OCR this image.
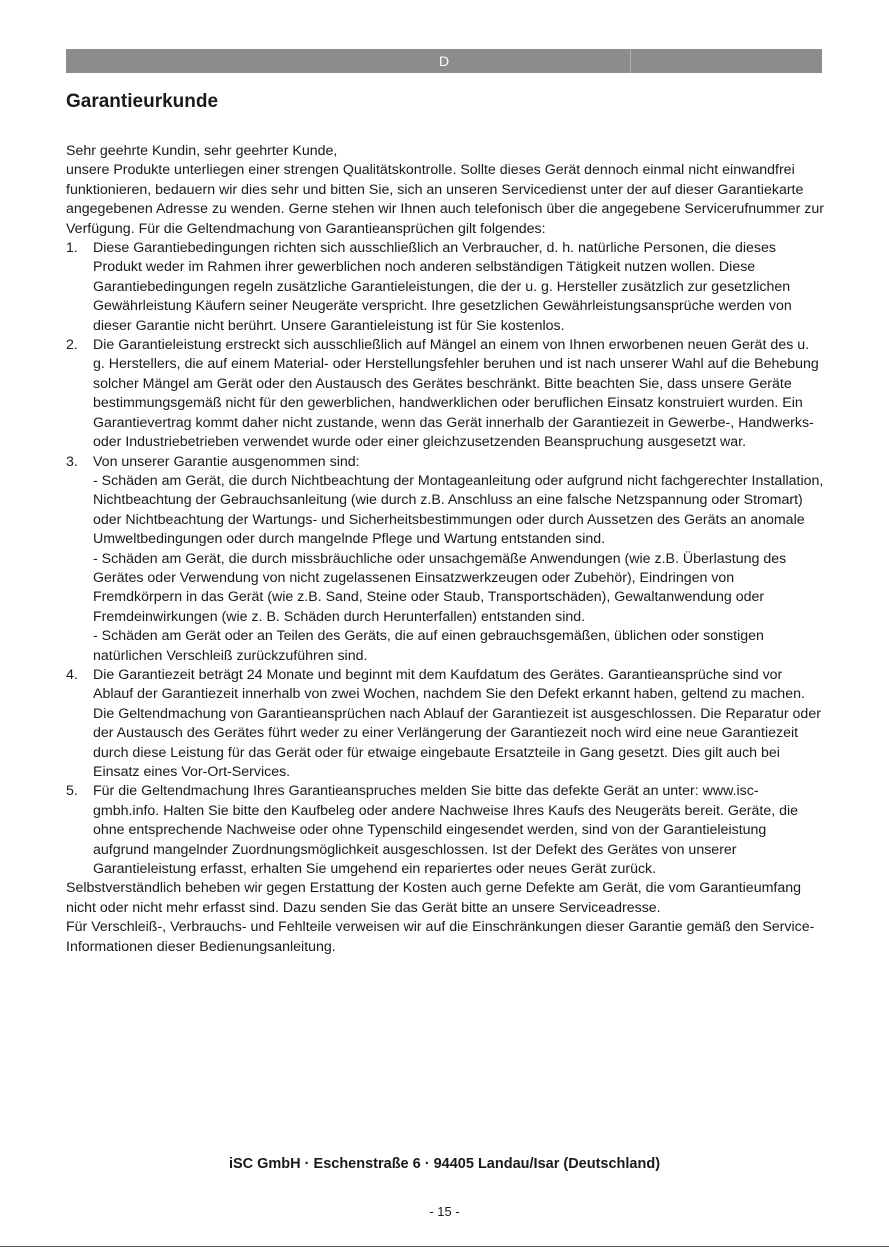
D
Garantieurkunde

Sehr geehrte Kundin, sehr geehrter Kunde,

unsere Produkte unterliegen einer strengen Qualitätskontrolle. Sollte dieses Gerät dennoch einmal nicht einwandfrei funktionieren, bedauern wir dies sehr und bitten Sie, sich an unseren Servicedienst unter der auf dieser Garantiekarte angegebenen Adresse zu wenden. Gerne stehen wir Ihnen auch telefonisch über die angegebene Servicerufnummer zur Verfügung. Für die Geltendmachung von Garantieansprüchen gilt folgendes:

1. Diese Garantiebedingungen richten sich ausschließlich an Verbraucher, d. h. natürliche Personen, die dieses Produkt weder im Rahmen ihrer gewerblichen noch anderen selbständigen Tätigkeit nutzen wollen. Diese Garantiebedingungen regeln zusätzliche Garantieleistungen, die der u. g. Hersteller zusätzlich zur gesetzlichen Gewährleistung Käufern seiner Neugeräte verspricht. Ihre gesetzlichen Gewährleistungsansprüche werden von dieser Garantie nicht berührt. Unsere Garantieleistung ist für Sie kostenlos.
2. Die Garantieleistung erstreckt sich ausschließlich auf Mängel an einem von Ihnen erworbenen neuen Gerät des u. g. Herstellers, die auf einem Material- oder Herstellungsfehler beruhen und ist nach unserer Wahl auf die Behebung solcher Mängel am Gerät oder den Austausch des Gerätes beschränkt. Bitte beachten Sie, dass unsere Geräte bestimmungsgemäß nicht für den gewerblichen, handwerklichen oder beruflichen Einsatz konstruiert wurden. Ein Garantievertrag kommt daher nicht zustande, wenn das Gerät innerhalb der Garantiezeit in Gewerbe-, Handwerks- oder Industriebetrieben verwendet wurde oder einer gleichzusetzenden Beanspruchung ausgesetzt war.
3. Von unserer Garantie ausgenommen sind:
- Schäden am Gerät, die durch Nichtbeachtung der Montageanleitung oder aufgrund nicht fachgerechter Installation, Nichtbeachtung der Gebrauchsanleitung (wie durch z.B. Anschluss an eine falsche Netzspannung oder Stromart) oder Nichtbeachtung der Wartungs- und Sicherheitsbestimmungen oder durch Aussetzen des Geräts an anomale Umweltbedingungen oder durch mangelnde Pflege und Wartung entstanden sind.
- Schäden am Gerät, die durch missbräuchliche oder unsachgemäße Anwendungen (wie z.B. Überlastung des Gerätes oder Verwendung von nicht zugelassenen Einsatzwerkzeugen oder Zubehör), Eindringen von Fremdkörpern in das Gerät (wie z.B. Sand, Steine oder Staub, Transportschäden), Gewaltanwendung oder Fremdeinwirkungen (wie z. B. Schäden durch Herunterfallen) entstanden sind.
- Schäden am Gerät oder an Teilen des Geräts, die auf einen gebrauchsgemäßen, üblichen oder sonstigen natürlichen Verschleiß zurückzuführen sind.
4. Die Garantiezeit beträgt 24 Monate und beginnt mit dem Kaufdatum des Gerätes. Garantieansprüche sind vor Ablauf der Garantiezeit innerhalb von zwei Wochen, nachdem Sie den Defekt erkannt haben, geltend zu machen. Die Geltendmachung von Garantieansprüchen nach Ablauf der Garantiezeit ist ausgeschlossen. Die Reparatur oder der Austausch des Gerätes führt weder zu einer Verlängerung der Garantiezeit noch wird eine neue Garantiezeit durch diese Leistung für das Gerät oder für etwaige eingebaute Ersatzteile in Gang gesetzt. Dies gilt auch bei Einsatz eines Vor-Ort-Services.
5. Für die Geltendmachung Ihres Garantieanspruches melden Sie bitte das defekte Gerät an unter: www.isc-gmbh.info. Halten Sie bitte den Kaufbeleg oder andere Nachweise Ihres Kaufs des Neugeräts bereit. Geräte, die ohne entsprechende Nachweise oder ohne Typenschild eingesendet werden, sind von der Garantieleistung aufgrund mangelnder Zuordnungsmöglichkeit ausgeschlossen. Ist der Defekt des Gerätes von unserer Garantieleistung erfasst, erhalten Sie umgehend ein repariertes oder neues Gerät zurück.

Selbstverständlich beheben wir gegen Erstattung der Kosten auch gerne Defekte am Gerät, die vom Garantieumfang nicht oder nicht mehr erfasst sind. Dazu senden Sie das Gerät bitte an unsere Serviceadresse.

Für Verschleiß-, Verbrauchs- und Fehlteile verweisen wir auf die Einschränkungen dieser Garantie gemäß den Service-Informationen dieser Bedienungsanleitung.

iSC GmbH · Eschenstraße 6 · 94405 Landau/Isar (Deutschland)
- 15 -
